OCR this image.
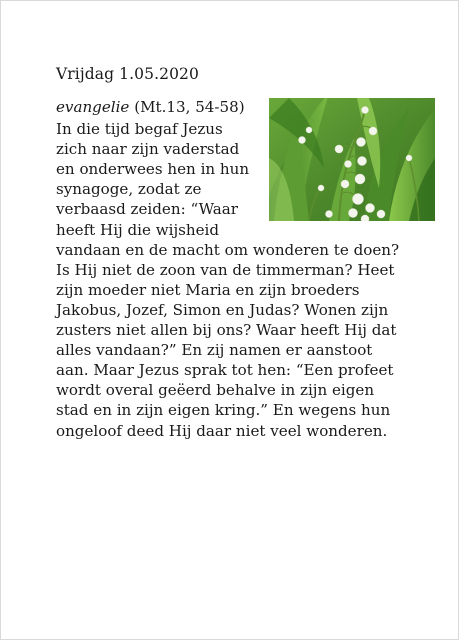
Vrijdag 1.05.2020
evangelie (Mt.13, 54-58)
In die tijd begaf Jezus zich naar zijn vaderstad en onderwees hen in hun synagoge, zodat ze verbaasd zeiden: “Waar heeft Hij die wijsheid vandaan en de macht om wonderen te doen? Is Hij niet de zoon van de timmerman? Heet zijn moeder niet Maria en zijn broeders Jakobus, Jozef, Simon en Judas? Wonen zijn zusters niet allen bij ons? Waar heeft Hij dat alles vandaan?” En zij namen er aanstoot aan. Maar Jezus sprak tot hen: “Een profeet wordt overal geëerd behalve in zijn eigen stad en in zijn eigen kring.” En wegens hun ongeloof deed Hij daar niet veel wonderen.
